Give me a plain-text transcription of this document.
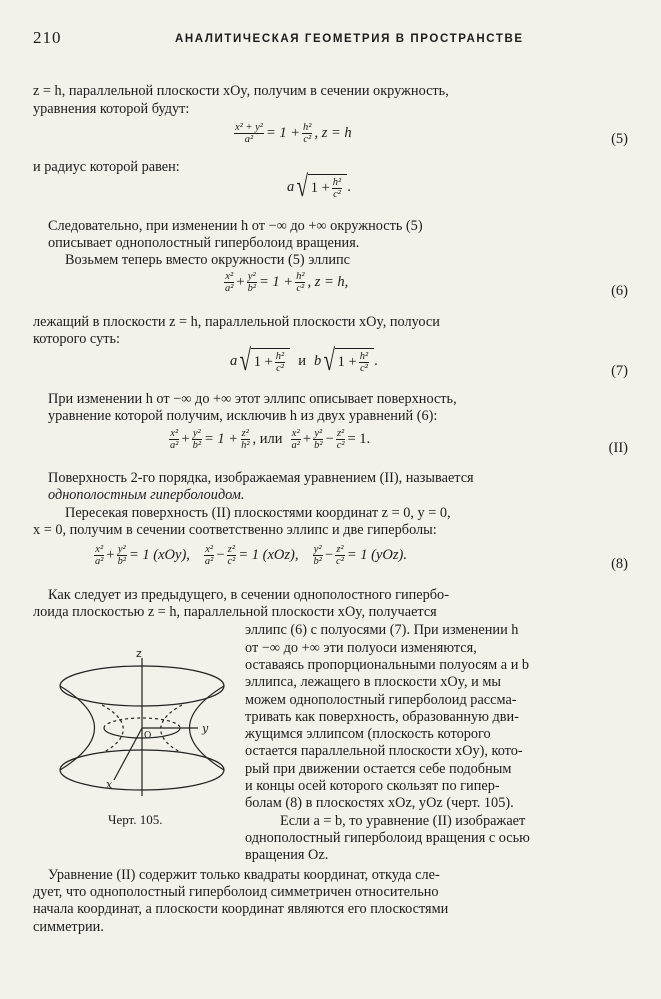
210	АНАЛИТИЧЕСКАЯ ГЕОМЕТРИЯ В ПРОСТРАНСТВЕ
z = h, параллельной плоскости xOy, получим в сечении окружность,
уравнения которой будут:
$\frac{\text{x² + y²}}{\text{a²}} = 1 + \frac{\text{h²}}{\text{c²}}$ , z = h	(5)
и радиус которой равен:
a √ $1 + \frac{\text{h²}}{\text{c²}}$ .
Следовательно, при изменении h от −∞ до +∞ окружность (5)
описывает однополостный гиперболоид вращения.
Возьмем теперь вместо окружности (5) эллипс
$\frac{\text{x²}}{\text{a²}} + \frac{\text{y²}}{\text{b²}} = 1 + \frac{\text{h²}}{\text{c²}}$ , z = h,
(6)
лежащий в плоскости z = h, параллельной плоскости xOy, полуоси
которого суть:
a √ $1 + \frac{\text{h²}}{\text{c²}}$ и b √ $1 + \frac{\text{h²}}{\text{c²}}$ .
(7)
При изменении h от −∞ до +∞ этот эллипс описывает поверхность,
уравнение которой получим, исключив h из двух уравнений (6):
$\frac{\text{x²}}{\text{a²}} + \frac{\text{y²}}{\text{b²}} = 1 + \frac{\text{z²}}{\text{h²}}$ , или $\frac{\text{x²}}{\text{a²}} + \frac{\text{y²}}{\text{b²}} - \frac{\text{z²}}{\text{c²}} = 1$.
(II)
Поверхность 2-го порядка, изображаемая уравнением (II), называется
однополостным гиперболоидом.
Пересекая поверхность (II) плоскостями координат z = 0, y = 0,
x = 0, получим в сечении соответственно эллипс и две гиперболы:
$\frac{\text{x²}}{\text{a²}} + \frac{\text{y²}}{\text{b²}} = 1$ (xOy), $\frac{\text{x²}}{\text{a²}} - \frac{\text{z²}}{\text{c²}} = 1$ (xOz), $\frac{\text{y²}}{\text{b²}} - \frac{\text{z²}}{\text{c²}} = 1$ (yOz).
(8)
Как следует из предыдущего, в сечении однополостного гипербо-
лоида плоскостью z = h, параллельной плоскости xOy, получается
эллипс (6) с полуосями (7). При изменении h
от −∞ до +∞ эти полуоси изменяются,
оставаясь пропорциональными полуосям a и b
эллипса, лежащего в плоскости xOy, и мы
можем однополостный гиперболоид рассма-
тривать как поверхность, образованную дви-
жущимся эллипсом (плоскость которого
остается параллельной плоскости xOy), кото-
рый при движении остается себе подобным
и концы осей которого скользят по гипер-
болам (8) в плоскостях xOz, yOz (черт. 105).
Если a = b, то уравнение (II) изображает
однополостный гиперболоид вращения с осью
вращения Oz.
z
y
x
O
Черт. 105.
Уравнение (II) содержит только квадраты координат, откуда сле-
дует, что однополостный гиперболоид симметричен относительно
начала координат, а плоскости координат являются его плоскостями
симметрии.
